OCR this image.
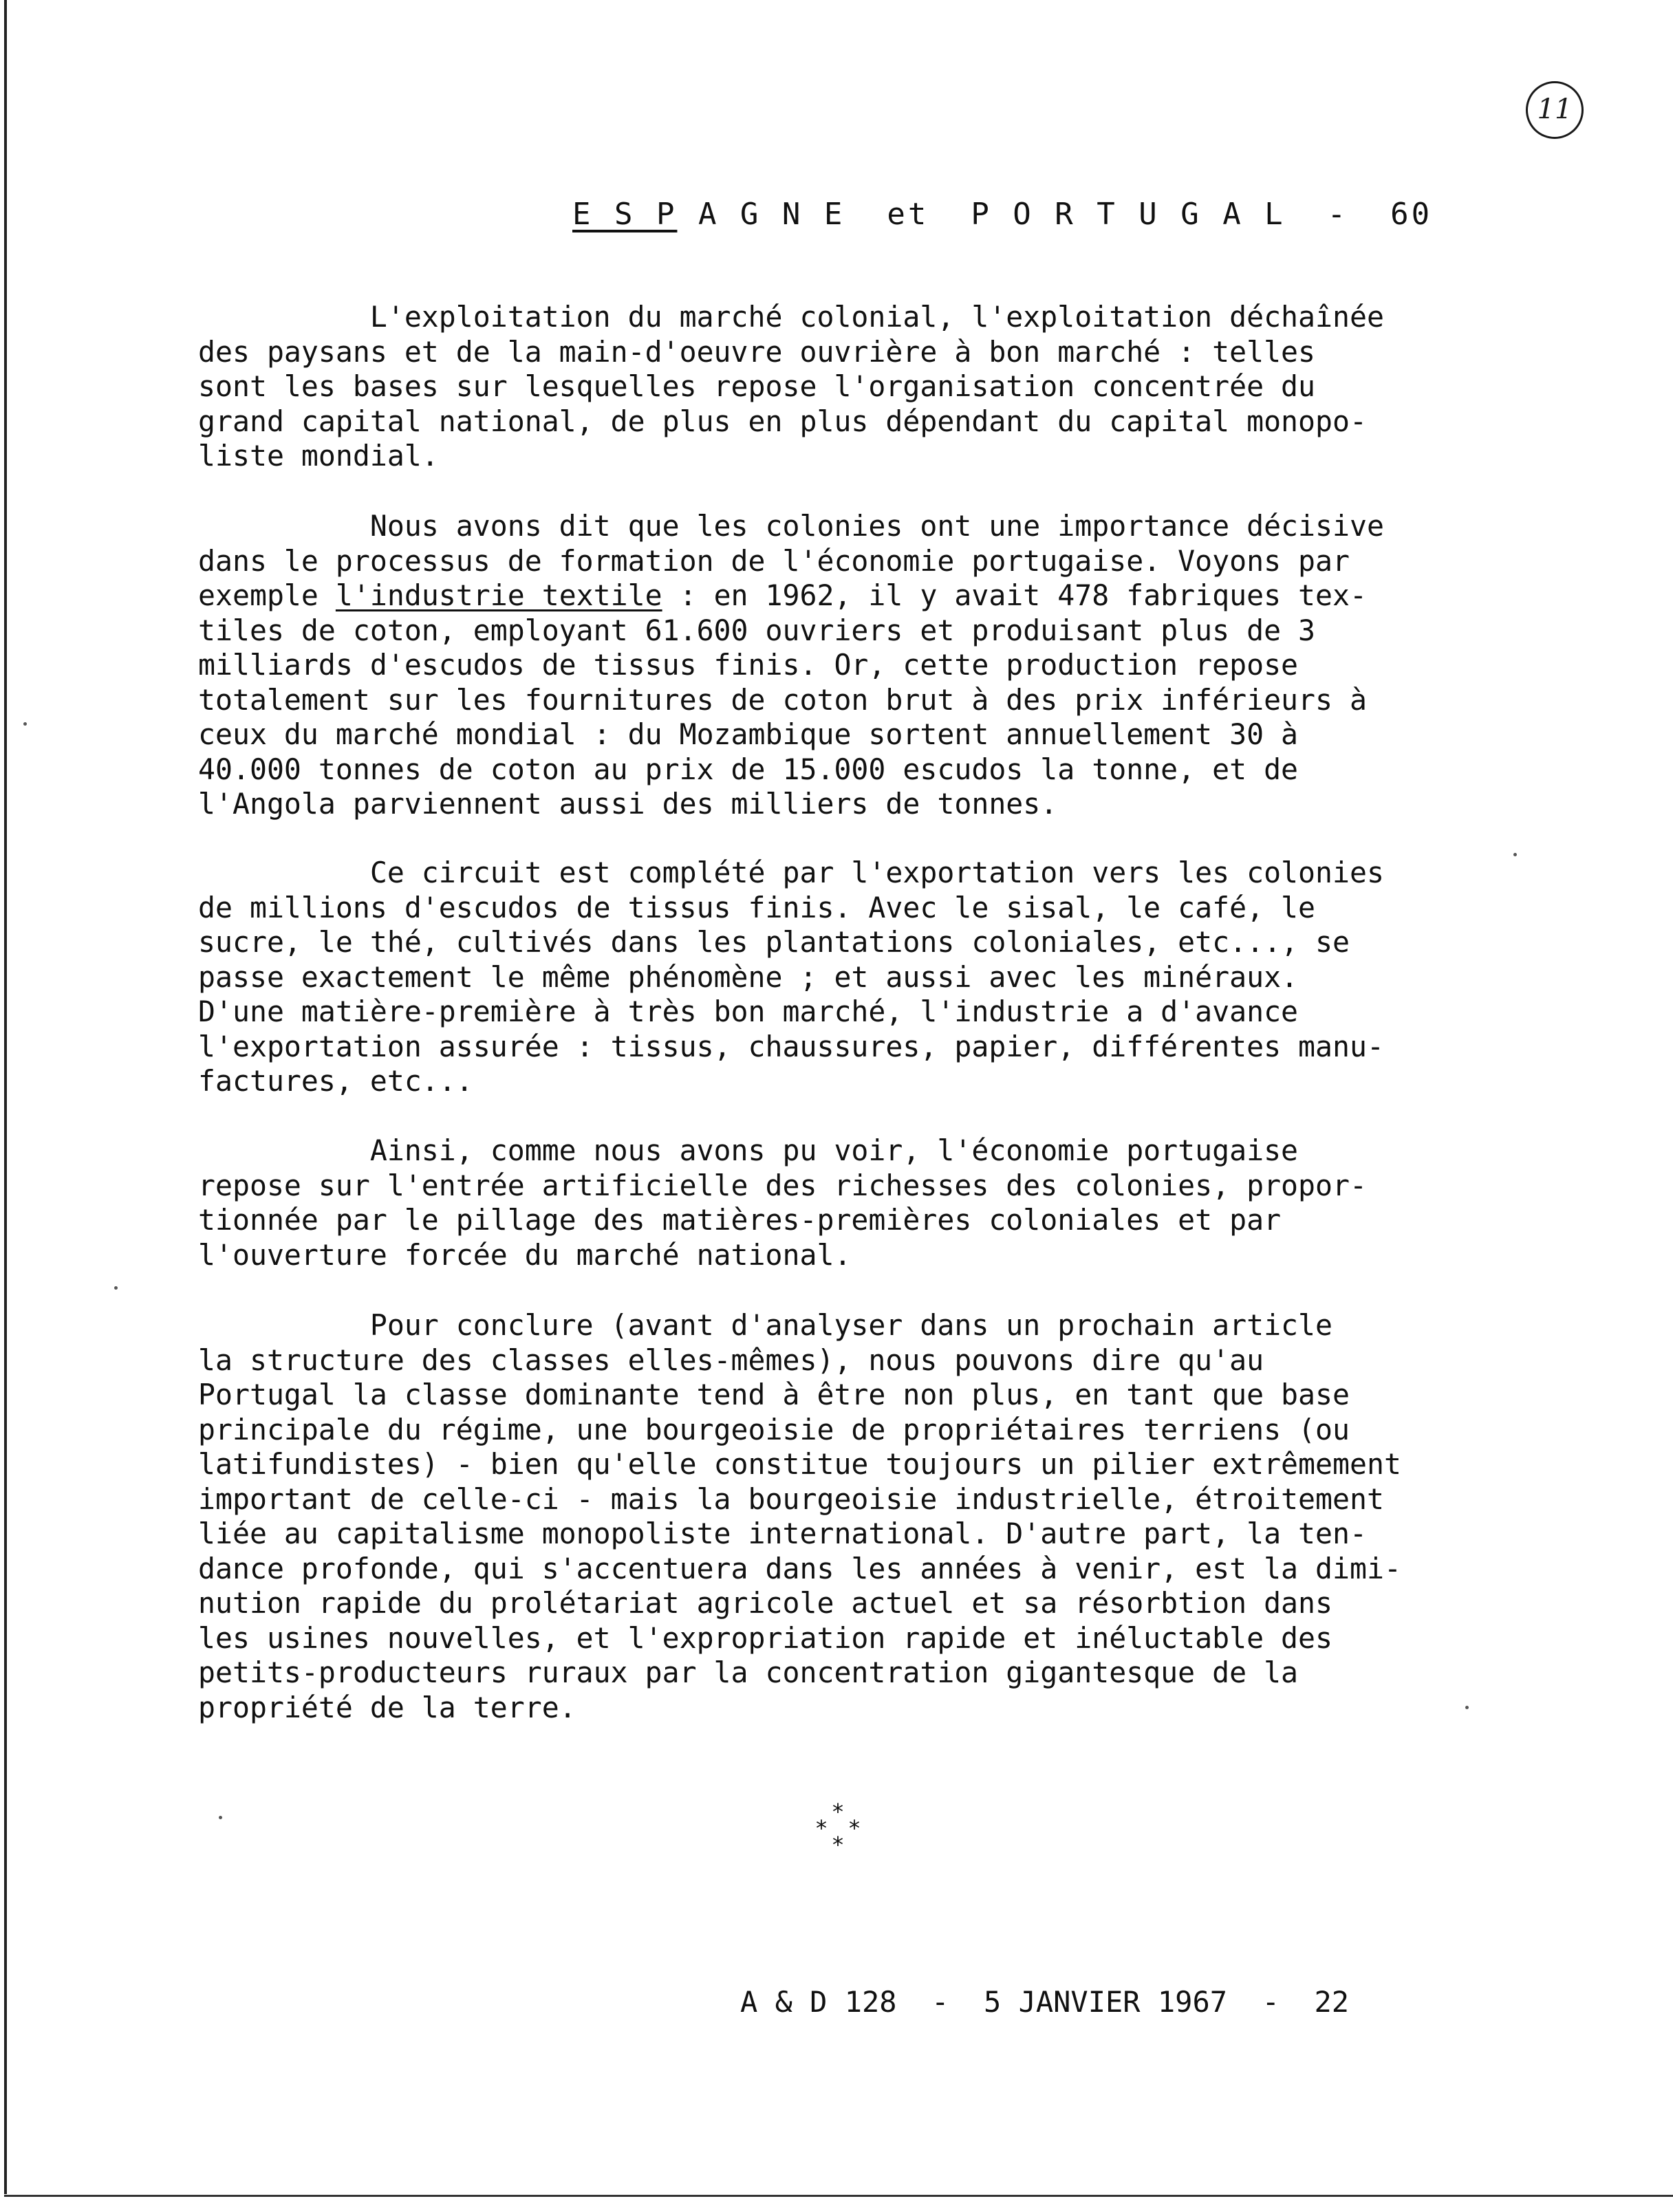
11
E S P A G N E  et  P O R T U G A L  -  60
L'exploitation du marché colonial, l'exploitation déchaînée
des paysans et de la main-d'oeuvre ouvrière à bon marché : telles
sont les bases sur lesquelles repose l'organisation concentrée du
grand capital national, de plus en plus dépendant du capital monopo-
liste mondial.
Nous avons dit que les colonies ont une importance décisive
dans le processus de formation de l'économie portugaise. Voyons par
exemple l'industrie textile : en 1962, il y avait 478 fabriques tex-
tiles de coton, employant 61.600 ouvriers et produisant plus de 3
milliards d'escudos de tissus finis. Or, cette production repose
totalement sur les fournitures de coton brut à des prix inférieurs à
ceux du marché mondial : du Mozambique sortent annuellement 30 à
40.000 tonnes de coton au prix de 15.000 escudos la tonne, et de
l'Angola parviennent aussi des milliers de tonnes.
Ce circuit est complété par l'exportation vers les colonies
de millions d'escudos de tissus finis. Avec le sisal, le café, le
sucre, le thé, cultivés dans les plantations coloniales, etc..., se
passe exactement le même phénomène ; et aussi avec les minéraux.
D'une matière-première à très bon marché, l'industrie a d'avance
l'exportation assurée : tissus, chaussures, papier, différentes manu-
factures, etc...
Ainsi, comme nous avons pu voir, l'économie portugaise
repose sur l'entrée artificielle des richesses des colonies, propor-
tionnée par le pillage des matières-premières coloniales et par
l'ouverture forcée du marché national.
Pour conclure (avant d'analyser dans un prochain article
la structure des classes elles-mêmes), nous pouvons dire qu'au
Portugal la classe dominante tend à être non plus, en tant que base
principale du régime, une bourgeoisie de propriétaires terriens (ou
latifundistes) - bien qu'elle constitue toujours un pilier extrêmement
important de celle-ci - mais la bourgeoisie industrielle, étroitement
liée au capitalisme monopoliste international. D'autre part, la ten-
dance profonde, qui s'accentuera dans les années à venir, est la dimi-
nution rapide du prolétariat agricole actuel et sa résorbtion dans
les usines nouvelles, et l'expropriation rapide et inéluctable des
petits-producteurs ruraux par la concentration gigantesque de la
propriété de la terre.
*
* *
*
A & D 128  -  5 JANVIER 1967  -  22
